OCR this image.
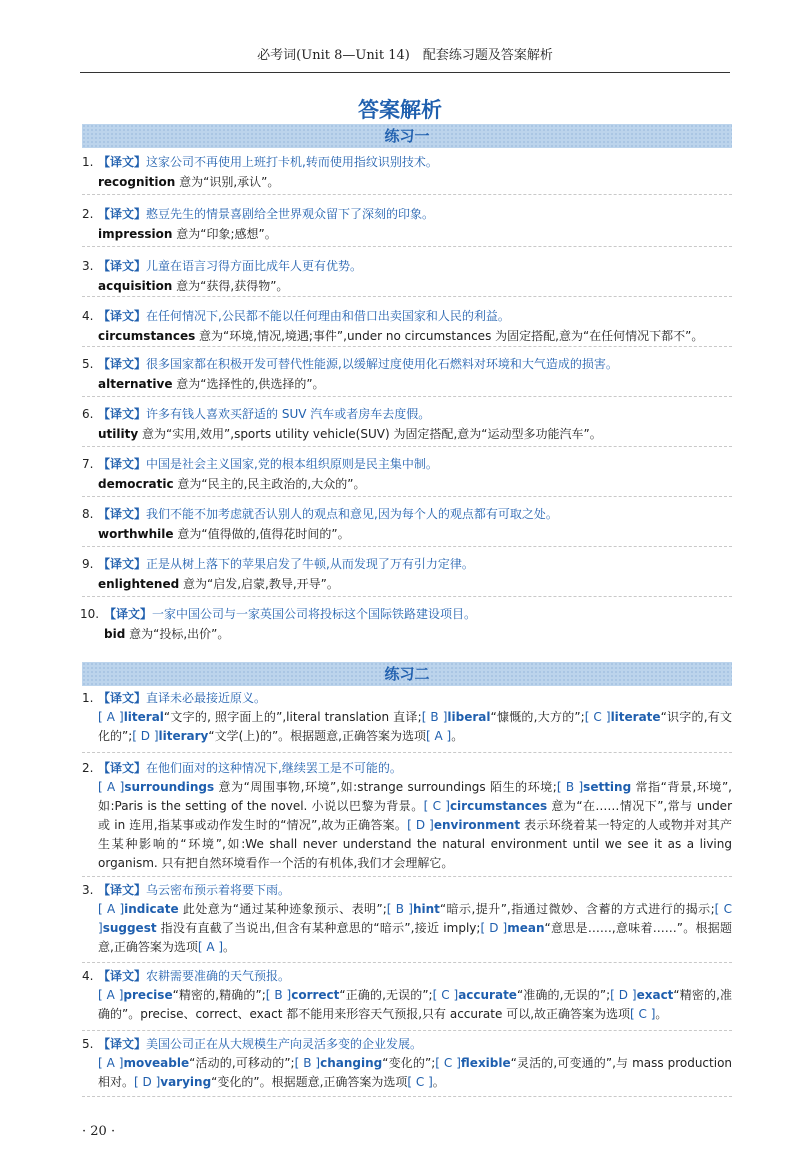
必考词(Unit 8—Unit 14)　配套练习题及答案解析
答案解析
练习一
1. 【译文】这家公司不再使用上班打卡机,转而使用指纹识别技术。
recognition 意为“识别,承认”。
2. 【译文】憨豆先生的情景喜剧给全世界观众留下了深刻的印象。
impression 意为“印象;感想”。
3. 【译文】儿童在语言习得方面比成年人更有优势。
acquisition 意为“获得,获得物”。
4. 【译文】在任何情况下,公民都不能以任何理由和借口出卖国家和人民的利益。
circumstances 意为“环境,情况,境遇;事件”,under no circumstances 为固定搭配,意为“在任何情况下都不”。
5. 【译文】很多国家都在积极开发可替代性能源,以缓解过度使用化石燃料对环境和大气造成的损害。
alternative 意为“选择性的,供选择的”。
6. 【译文】许多有钱人喜欢买舒适的 SUV 汽车或者房车去度假。
utility 意为“实用,效用”,sports utility vehicle(SUV) 为固定搭配,意为“运动型多功能汽车”。
7. 【译文】中国是社会主义国家,党的根本组织原则是民主集中制。
democratic 意为“民主的,民主政治的,大众的”。
8. 【译文】我们不能不加考虑就否认别人的观点和意见,因为每个人的观点都有可取之处。
worthwhile 意为“值得做的,值得花时间的”。
9. 【译文】正是从树上落下的苹果启发了牛顿,从而发现了万有引力定律。
enlightened 意为“启发,启蒙,教导,开导”。
10. 【译文】一家中国公司与一家英国公司将投标这个国际铁路建设项目。
bid 意为“投标,出价”。
练习二
1. 【译文】直译未必最接近原义。
[ A ]literal“文字的, 照字面上的”,literal translation 直译;[ B ]liberal“慷慨的,大方的”;[ C ]literate“识字的,有文化的”;[ D ]literary“文学(上)的”。根据题意,正确答案为选项[ A ]。
2. 【译文】在他们面对的这种情况下,继续罢工是不可能的。
[ A ]surroundings 意为“周围事物,环境”,如:strange surroundings 陌生的环境;[ B ]setting 常指“背景,环境”,如:Paris is the setting of the novel. 小说以巴黎为背景。[ C ]circumstances 意为“在……情况下”,常与 under 或 in 连用,指某事或动作发生时的“情况”,故为正确答案。[ D ]environment 表示环绕着某一特定的人或物并对其产生某种影响的“环境”,如:We shall never understand the natural environment until we see it as a living organism. 只有把自然环境看作一个活的有机体,我们才会理解它。
3. 【译文】乌云密布预示着将要下雨。
[ A ]indicate 此处意为“通过某种迹象预示、表明”;[ B ]hint“暗示,提升”,指通过微妙、含蓄的方式进行的揭示;[ C ]suggest 指没有直截了当说出,但含有某种意思的“暗示”,接近 imply;[ D ]mean“意思是……,意味着……”。根据题意,正确答案为选项[ A ]。
4. 【译文】农耕需要准确的天气预报。
[ A ]precise“精密的,精确的”;[ B ]correct“正确的,无误的”;[ C ]accurate“准确的,无误的”;[ D ]exact“精密的,准确的”。precise、correct、exact 都不能用来形容天气预报,只有 accurate 可以,故正确答案为选项[ C ]。
5. 【译文】美国公司正在从大规模生产向灵活多变的企业发展。
[ A ]moveable“活动的,可移动的”;[ B ]changing“变化的”;[ C ]flexible“灵活的,可变通的”,与 mass production 相对。[ D ]varying“变化的”。根据题意,正确答案为选项[ C ]。
· 20 ·
